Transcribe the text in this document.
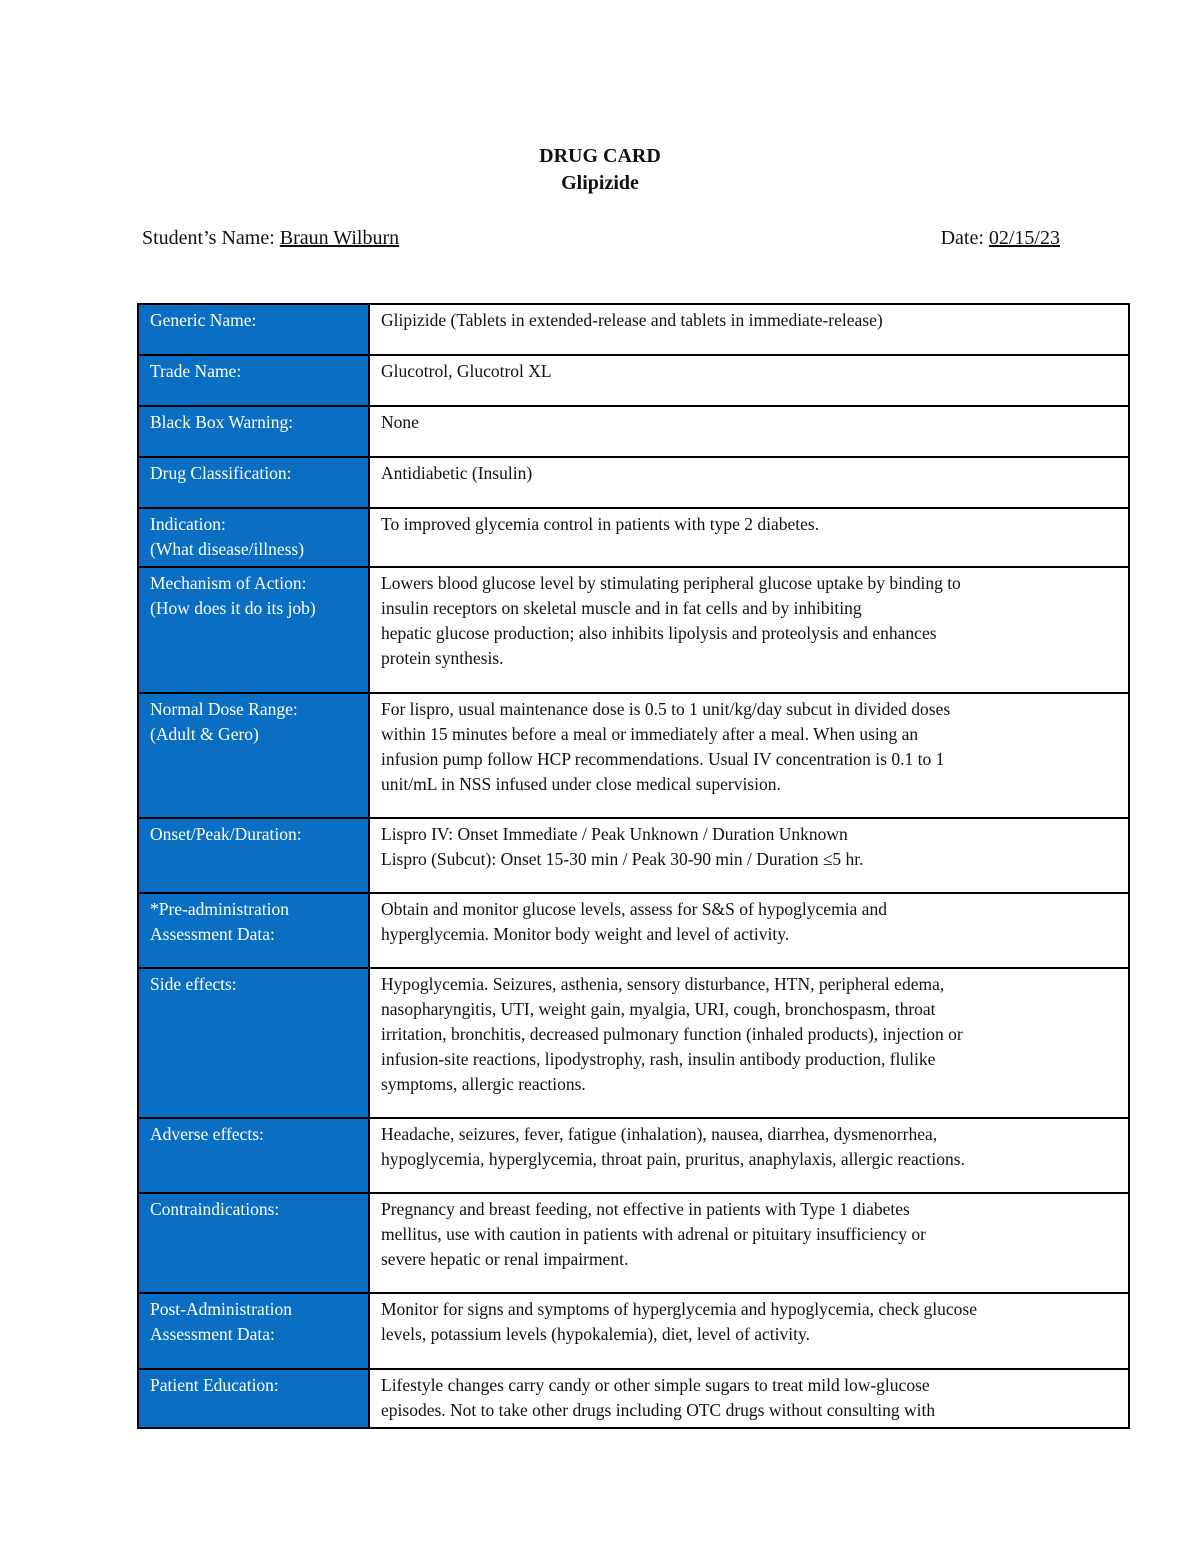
DRUG CARD
Glipizide
Student’s Name: Braun Wilburn	Date: 02/15/23
Generic Name:	Glipizide (Tablets in extended-release and tablets in immediate-release)

Trade Name:	Glucotrol, Glucotrol XL

Black Box Warning:	None

Drug Classification:	Antidiabetic (Insulin)

Indication:
(What disease/illness)	To improved glycemia control in patients with type 2 diabetes.

Mechanism of Action:
(How does it do its job)	Lowers blood glucose level by stimulating peripheral glucose uptake by binding to
insulin receptors on skeletal muscle and in fat cells and by inhibiting
hepatic glucose production; also inhibits lipolysis and proteolysis and enhances
protein synthesis.

Normal Dose Range:
(Adult & Gero)	For lispro, usual maintenance dose is 0.5 to 1 unit/kg/day subcut in divided doses
within 15 minutes before a meal or immediately after a meal. When using an
infusion pump follow HCP recommendations. Usual IV concentration is 0.1 to 1
unit/mL in NSS infused under close medical supervision.

Onset/Peak/Duration:	Lispro IV: Onset Immediate / Peak Unknown / Duration Unknown
Lispro (Subcut): Onset 15-30 min / Peak 30-90 min / Duration ≤5 hr.

*Pre-administration
Assessment Data:	Obtain and monitor glucose levels, assess for S&S of hypoglycemia and
hyperglycemia. Monitor body weight and level of activity.

Side effects:	Hypoglycemia. Seizures, asthenia, sensory disturbance, HTN, peripheral edema,
nasopharyngitis, UTI, weight gain, myalgia, URI, cough, bronchospasm, throat
irritation, bronchitis, decreased pulmonary function (inhaled products), injection or
infusion-site reactions, lipodystrophy, rash, insulin antibody production, flulike
symptoms, allergic reactions.

Adverse effects:	Headache, seizures, fever, fatigue (inhalation), nausea, diarrhea, dysmenorrhea,
hypoglycemia, hyperglycemia, throat pain, pruritus, anaphylaxis, allergic reactions.

Contraindications:	Pregnancy and breast feeding, not effective in patients with Type 1 diabetes
mellitus, use with caution in patients with adrenal or pituitary insufficiency or
severe hepatic or renal impairment.

Post-Administration
Assessment Data:	Monitor for signs and symptoms of hyperglycemia and hypoglycemia, check glucose
levels, potassium levels (hypokalemia), diet, level of activity.

Patient Education:	Lifestyle changes carry candy or other simple sugars to treat mild low-glucose
episodes. Not to take other drugs including OTC drugs without consulting with
